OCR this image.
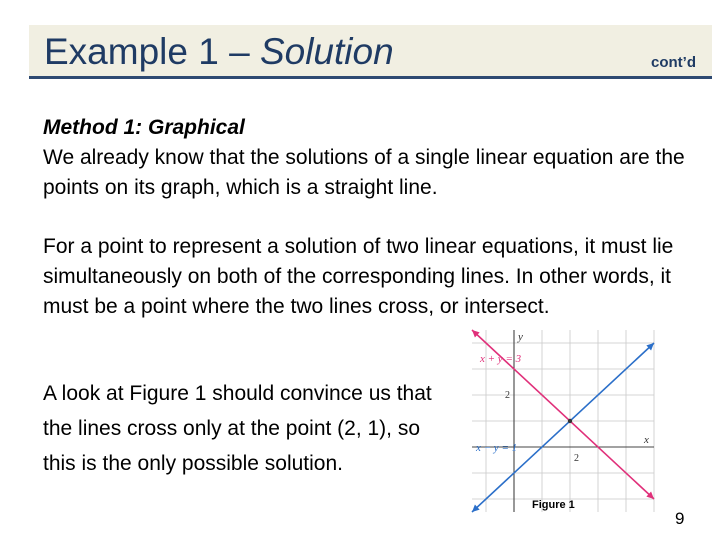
Example 1 – Solution	cont’d
Method 1: Graphical
We already know that the solutions of a single linear equation are the points on its graph, which is a straight line.

For a point to represent a solution of two linear equations, it must lie simultaneously on both of the corresponding lines. In other words, it must be a point where the two lines cross, or intersect.

A look at Figure 1 should convince us that the lines cross only at the point (2, 1), so this is the only possible solution.

y
x
2
2
x + y = 3
x − y = 1
Figure 1
9
